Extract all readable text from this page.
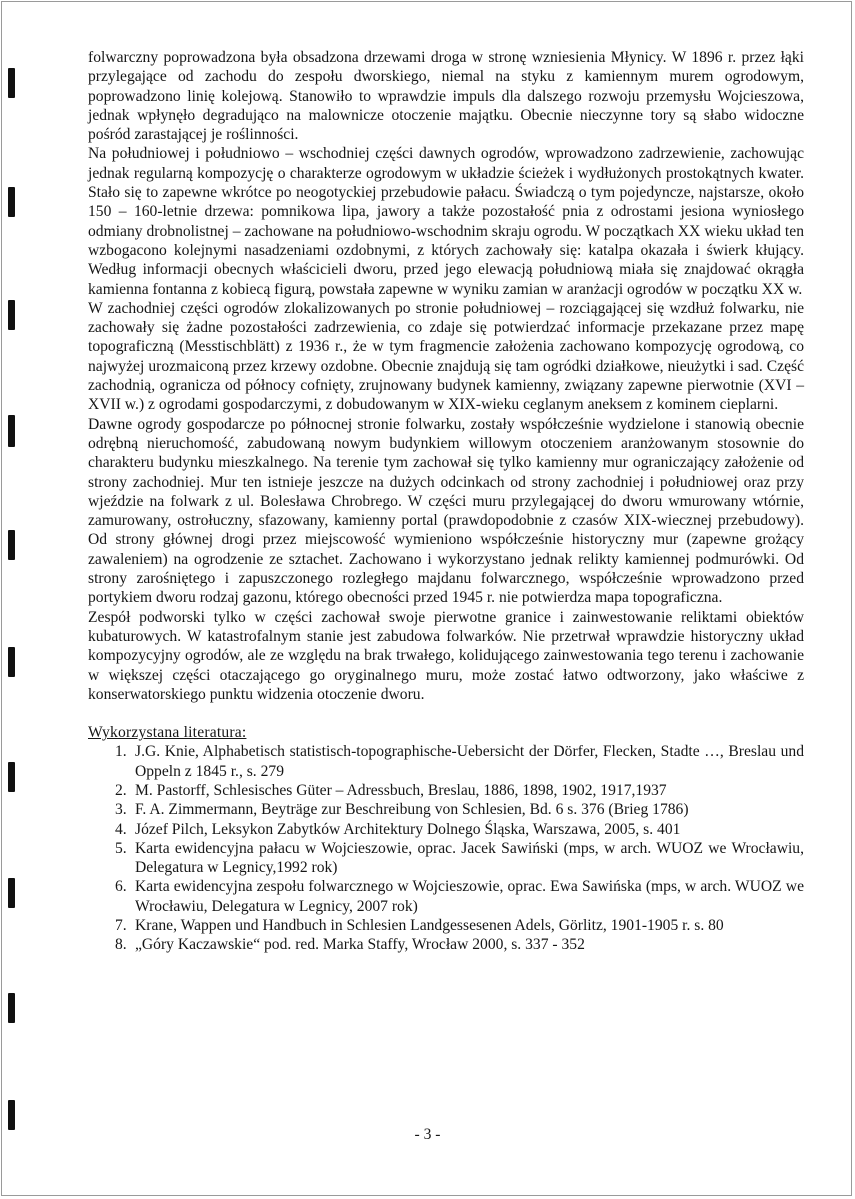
folwarczny poprowadzona była obsadzona drzewami droga w stronę wzniesienia Młynicy. W 1896 r. przez łąki przylegające od zachodu do zespołu dworskiego, niemal na styku z kamiennym murem ogrodowym, poprowadzono linię kolejową. Stanowiło to wprawdzie impuls dla dalszego rozwoju przemysłu Wojcieszowa, jednak wpłynęło degradująco na malownicze otoczenie majątku. Obecnie nieczynne tory są słabo widoczne pośród zarastającej je roślinności.

Na południowej i południowo – wschodniej części dawnych ogrodów, wprowadzono zadrzewienie, zachowując jednak regularną kompozycję o charakterze ogrodowym w układzie ścieżek i wydłużonych prostokątnych kwater. Stało się to zapewne wkrótce po neogotyckiej przebudowie pałacu. Świadczą o tym pojedyncze, najstarsze, około 150 – 160-letnie drzewa: pomnikowa lipa, jawory a także pozostałość pnia z odrostami jesiona wyniosłego odmiany drobnolistnej – zachowane na południowo-wschodnim skraju ogrodu. W początkach XX wieku układ ten wzbogacono kolejnymi nasadzeniami ozdobnymi, z których zachowały się: katalpa okazała i świerk kłujący. Według informacji obecnych właścicieli dworu, przed jego elewacją południową miała się znajdować okrągła kamienna fontanna z kobiecą figurą, powstała zapewne w wyniku zamian w aranżacji ogrodów w początku XX w.

W zachodniej części ogrodów zlokalizowanych po stronie południowej – rozciągającej się wzdłuż folwarku, nie zachowały się żadne pozostałości zadrzewienia, co zdaje się potwierdzać informacje przekazane przez mapę topograficzną (Messtischblätt) z 1936 r., że w tym fragmencie założenia zachowano kompozycję ogrodową, co najwyżej urozmaiconą przez krzewy ozdobne. Obecnie znajdują się tam ogródki działkowe, nieużytki i sad. Część zachodnią, ogranicza od północy cofnięty, zrujnowany budynek kamienny, związany zapewne pierwotnie (XVI – XVII w.) z ogrodami gospodarczymi, z dobudowanym w XIX-wieku ceglanym aneksem z kominem cieplarni.

Dawne ogrody gospodarcze po północnej stronie folwarku, zostały współcześnie wydzielone i stanowią obecnie odrębną nieruchomość, zabudowaną nowym budynkiem willowym otoczeniem aranżowanym stosownie do charakteru budynku mieszkalnego. Na terenie tym zachował się tylko kamienny mur ograniczający założenie od strony zachodniej. Mur ten istnieje jeszcze na dużych odcinkach od strony zachodniej i południowej oraz przy wjeździe na folwark z ul. Bolesława Chrobrego. W części muru przylegającej do dworu wmurowany wtórnie, zamurowany, ostrołuczny, sfazowany, kamienny portal (prawdopodobnie z czasów XIX-wiecznej przebudowy). Od strony głównej drogi przez miejscowość wymieniono współcześnie historyczny mur (zapewne grożący zawaleniem) na ogrodzenie ze sztachet. Zachowano i wykorzystano jednak relikty kamiennej podmurówki. Od strony zarośniętego i zapuszczonego rozległego majdanu folwarcznego, współcześnie wprowadzono przed portykiem dworu rodzaj gazonu, którego obecności przed 1945 r. nie potwierdza mapa topograficzna.

Zespół podworski tylko w części zachował swoje pierwotne granice i zainwestowanie reliktami obiektów kubaturowych. W katastrofalnym stanie jest zabudowa folwarków. Nie przetrwał wprawdzie historyczny układ kompozycyjny ogrodów, ale ze względu na brak trwałego, kolidującego zainwestowania tego terenu i zachowanie w większej części otaczającego go oryginalnego muru, może zostać łatwo odtworzony, jako właściwe z konserwatorskiego punktu widzenia otoczenie dworu.

Wykorzystana literatura:
1. J.G. Knie, Alphabetisch statistisch-topographische-Uebersicht der Dörfer, Flecken, Stadte …, Breslau und Oppeln z 1845 r., s. 279
2. M. Pastorff, Schlesisches Güter – Adressbuch, Breslau, 1886, 1898, 1902, 1917,1937
3. F. A. Zimmermann, Beyträge zur Beschreibung von Schlesien, Bd. 6 s. 376 (Brieg 1786)
4. Józef Pilch, Leksykon Zabytków Architektury Dolnego Śląska, Warszawa, 2005, s. 401
5. Karta ewidencyjna pałacu w Wojcieszowie, oprac. Jacek Sawiński (mps, w arch. WUOZ we Wrocławiu, Delegatura w Legnicy,1992 rok)
6. Karta ewidencyjna zespołu folwarcznego w Wojcieszowie, oprac. Ewa Sawińska (mps, w arch. WUOZ we Wrocławiu, Delegatura w Legnicy, 2007 rok)
7. Krane, Wappen und Handbuch in Schlesien Landgessesenen Adels, Görlitz, 1901-1905 r. s. 80
8. „Góry Kaczawskie“ pod. red. Marka Staffy, Wrocław 2000, s. 337 - 352
- 3 -
